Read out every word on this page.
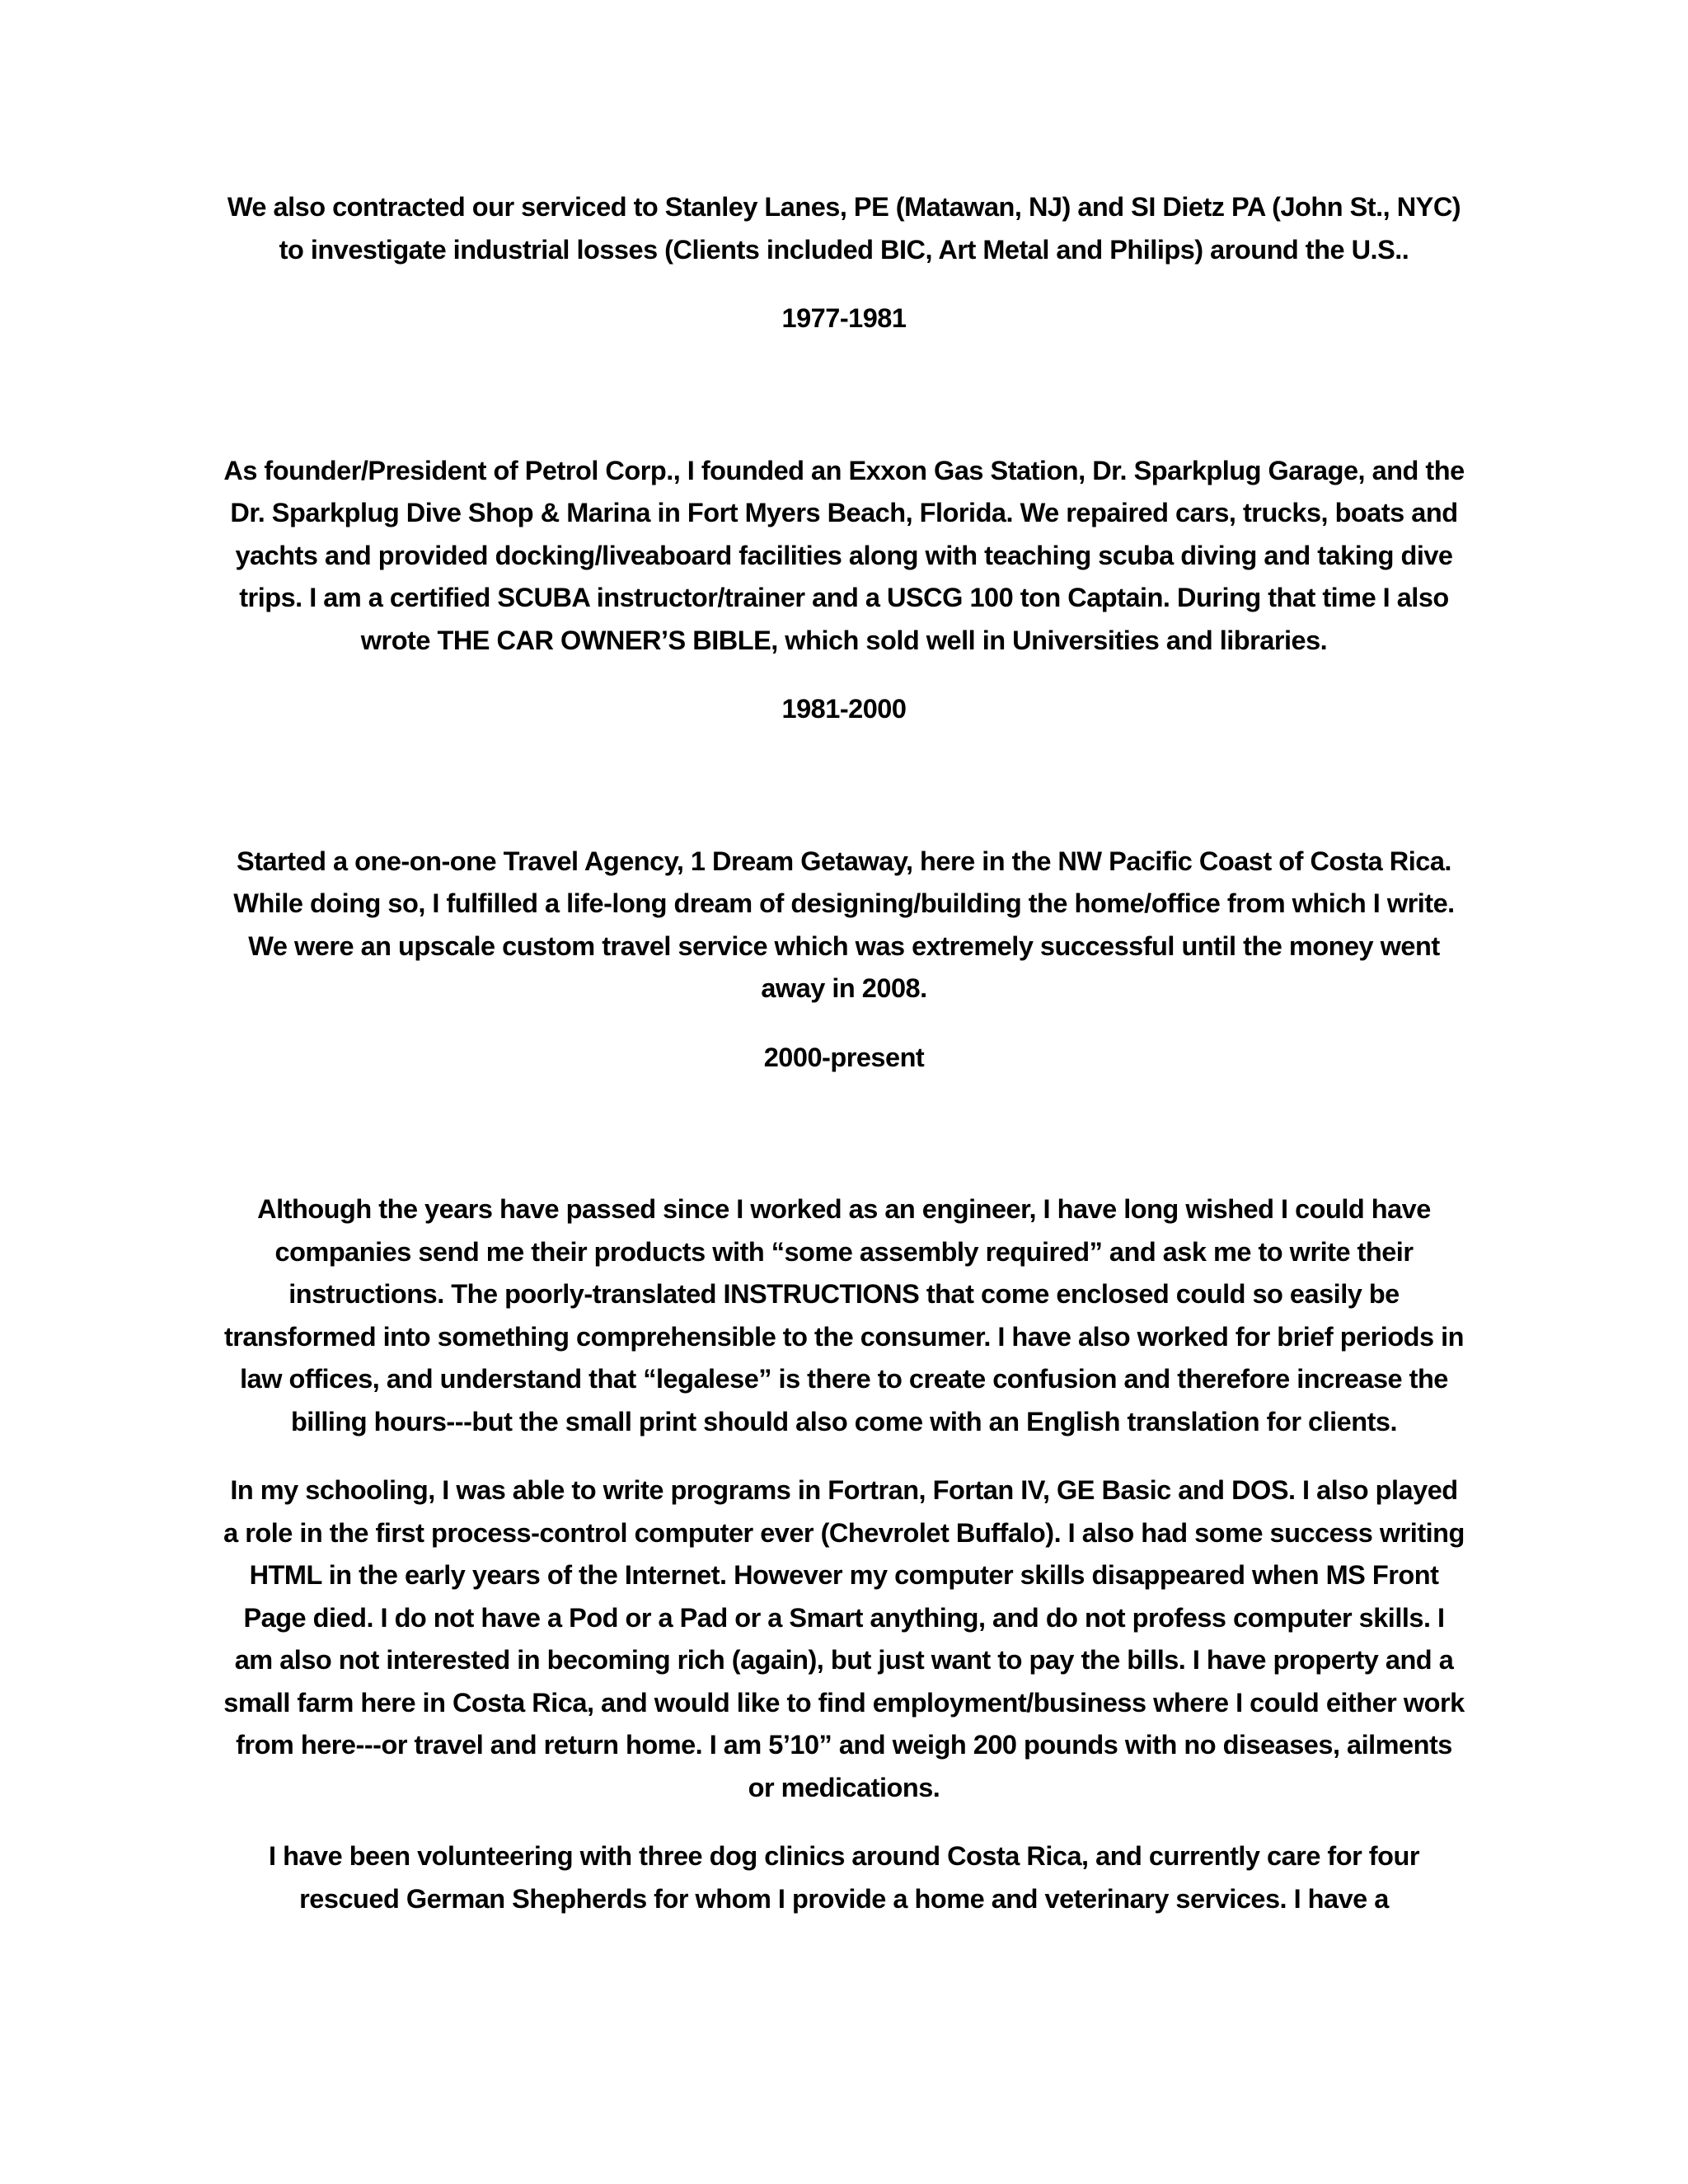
We also contracted our serviced to Stanley Lanes, PE (Matawan, NJ) and SI Dietz PA (John St., NYC) to investigate industrial losses (Clients included BIC, Art Metal and Philips) around the U.S..

1977-1981

As founder/President of Petrol Corp., I founded an Exxon Gas Station, Dr. Sparkplug Garage, and the Dr. Sparkplug Dive Shop & Marina in Fort Myers Beach, Florida. We repaired cars, trucks, boats and yachts and provided docking/liveaboard facilities along with teaching scuba diving and taking dive trips. I am a certified SCUBA instructor/trainer and a USCG 100 ton Captain. During that time I also wrote THE CAR OWNER’S BIBLE, which sold well in Universities and libraries.

1981-2000

Started a one-on-one Travel Agency, 1 Dream Getaway, here in the NW Pacific Coast of Costa Rica. While doing so, I fulfilled a life-long dream of designing/building the home/office from which I write. We were an upscale custom travel service which was extremely successful until the money went away in 2008.

2000-present

Although the years have passed since I worked as an engineer, I have long wished I could have companies send me their products with “some assembly required” and ask me to write their instructions. The poorly-translated INSTRUCTIONS that come enclosed could so easily be transformed into something comprehensible to the consumer. I have also worked for brief periods in law offices, and understand that “legalese” is there to create confusion and therefore increase the billing hours---but the small print should also come with an English translation for clients.

In my schooling, I was able to write programs in Fortran, Fortan IV, GE Basic and DOS. I also played a role in the first process-control computer ever (Chevrolet Buffalo). I also had some success writing HTML in the early years of the Internet. However my computer skills disappeared when MS Front Page died. I do not have a Pod or a Pad or a Smart anything, and do not profess computer skills. I am also not interested in becoming rich (again), but just want to pay the bills. I have property and a small farm here in Costa Rica, and would like to find employment/business where I could either work from here---or travel and return home. I am 5’10” and weigh 200 pounds with no diseases, ailments or medications.

I have been volunteering with three dog clinics around Costa Rica, and currently care for four rescued German Shepherds for whom I provide a home and veterinary services. I have a
